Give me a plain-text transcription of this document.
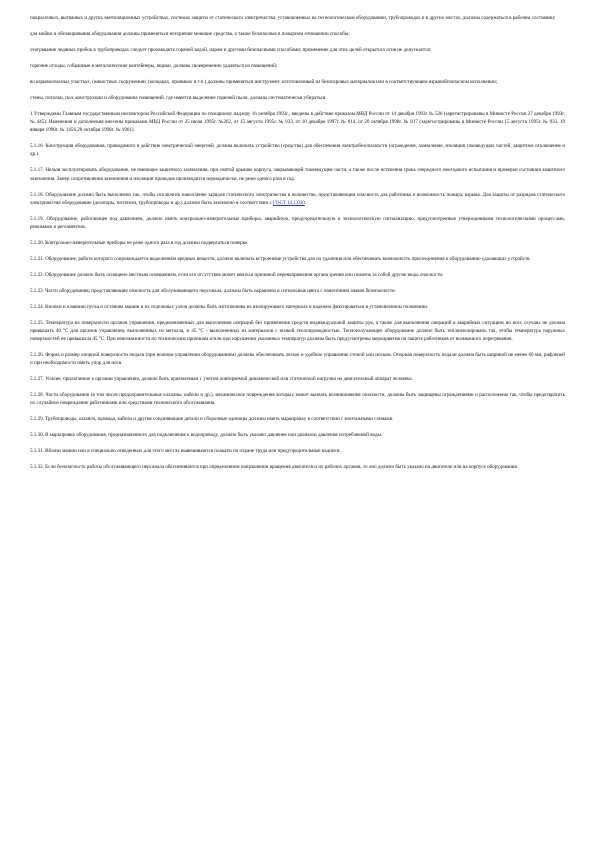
покрасочных, вытяжных и других вентиляционных устройствах, системах защиты от статического электричества, установленных на технологическом оборудовании, трубопроводах и в других местах, должны содержаться в рабочем состоянии;

для мойки и обезжиривания оборудования должны применяться негорючие моющие средства, а также безопасные в пожарном отношении способы;

отогревание ледяных пробок в трубопроводах следует производить горячей водой, паром и другими безопасными способами; применение для этих целей открытого огня не допускается;

горючие отходы, собранные в металлические контейнеры, ящики, должны своевременно удаляться из помещений;

во взрывоопасных участках, (емкостных сооружениях (колодцах, приямках и т.п.) должны применяться инструмент, изготовленный из безискровых материалов или в соответствующем взрывобезопасном исполнении;

стены, потолки, пол, конструкции и оборудование помещений, где имеется выделение горючей пыли, должны систематически убираться.

1 Утверждены Главным государственным инспектором Российской Федерации по пожарному надзору 16 октября 1993г., введены в действие приказом МВД России от 14 декабря 1993г № 536 (зарегистрированы в Минюсте России 27 декабря 1993г. № 445). Изменения и дополнения внесены приказами МВД России от 25 июля 1995г. №262, от 15 августа 1995г. № 933, от 10 декабря 1997г. № 814, от 20 октября 1998г. № 817 (зарегистрированы в Минюсте России 15 августа 1995г. № 933, 19 января 1998г. № 1456,28 октября 1998г. № 1961).

5.1.16. Конструкция оборудования, приводимого в действие электрической энергией, должна включать устройство (средства) для обеспечения электробезопасности (ограждение, заземление, изоляция токоведущих частей, защитное отключение и др.).

5.1.17. Нельзя эксплуатировать оборудование, не имеющее защитного заземления, при снятой крышке корпуса, закрывающей токоведущие части, а также после истечения срока очередного ежегодного испытания и проверки состояния защитного заземления. Замер сопротивления заземления и изоляции проводов производится периодически, не реже одного раза в год.

5.1.18. Оборудование должно быть выполнено так, чтобы исключить накопление зарядов статического электричества в количестве, представляющем опасность для работника и возможность пожара, взрыва. Для защиты от разрядов статического электричества оборудование (дозаторы, питатели, трубопроводы и др.) должно быть заземлено в соответствии с ГОСТ 12.1.030.

5.1.19. Оборудование, работающее под давлением, должно иметь контрольно-измерительные приборы, аварийную, предупредительную и технологическую сигнализацию, предусмотренные утвержденными технологическими процессами, режимами и регламентом.

5.1.20. Контрольно-измерительные приборы не реже одного раза в год должны подвергаться поверке.

5.1.21. Оборудование, работа которого сопровождается выделением вредных веществ, должно включать встроенные устройства для их удаления или обеспечивать возможность присоединения к оборудованию удаляющих устройств.

5.1.22. Оборудование должно быть оснащено местным освещением, если его отсутствие может явиться причиной перенапряжения органа зрения или повлечь за собой другие виды опасности.

5.1.23. Части оборудования, представляющие опасность для обслуживающего персонала, должны быть окрашены в сигнальные цвета с нанесением знаков безопасности.

5.1.24. Кнопки и клавиши пуска и останова машин и их отдельных узлов должны быть изготовлены из изолирующего материала и надежно фиксироваться в установленном положении.

5.1.25. Температура на поверхности органов управления, предназначенных для выполнения операций без применения средств индивидуальной защиты рук, а также для выполнения операций в аварийных ситуациях во всех случаях не должна превышать 40 °С для органов управления, выполненных из металла, и 45 °С - выполненных из материалов с низкой теплопроводностью. Теплоизлучающее оборудование должно быть теплоизолировано так, чтобы температура наружных поверхностей не превышала 45 °С. При невозможности по техническим причинам и/или при нарушении указанных температур должны быть предусмотрены мероприятия по защите работников от возможного перегревания.

5.1.26. Форма и размер опорной поверхности педали (при ножном управлении оборудованием) должны обеспечивать легкое и удобное управление стопой или носком. Опорная поверхность педали должна быть шириной не менее 60 мм, рифленой и при необходимости иметь упор для ноги.

5.1.27. Усилие, прилагаемое к органам управления, должно быть приемлемым с учетом повторяемой динамической или статической нагрузки на двигательный аппарат человека.

5.1.28. Части оборудования (в том числе предохранительные клапаны, кабели и др.), механическое повреждение которых может вызвать возникновение опасности, должны быть защищены ограждениями и расположены так, чтобы предотвратить их случайное повреждение работниками или средствами технического обслуживания.

5.1.29. Трубопроводы, шланги, провода, кабели и другие соединяющие детали и сборочные единицы должны иметь маркировку в соответствии с монтажными схемами.

5.1.30. В маркировке оборудования, предназначенного для подключения к водопроводу, должно быть указано давление или диапазон давления потребляемой воды.

5.1.31. Вблизи машин или в специально отведенных для этого местах вывешиваются плакаты по охране труда или предупредительные надписи.

5.1.32. Если безопасность работы обслуживающего персонала обеспечивается при определенном направлении вращения двигателя и их рабочих органов, то оно должно быть указано на двигателе или на корпусе оборудования.
